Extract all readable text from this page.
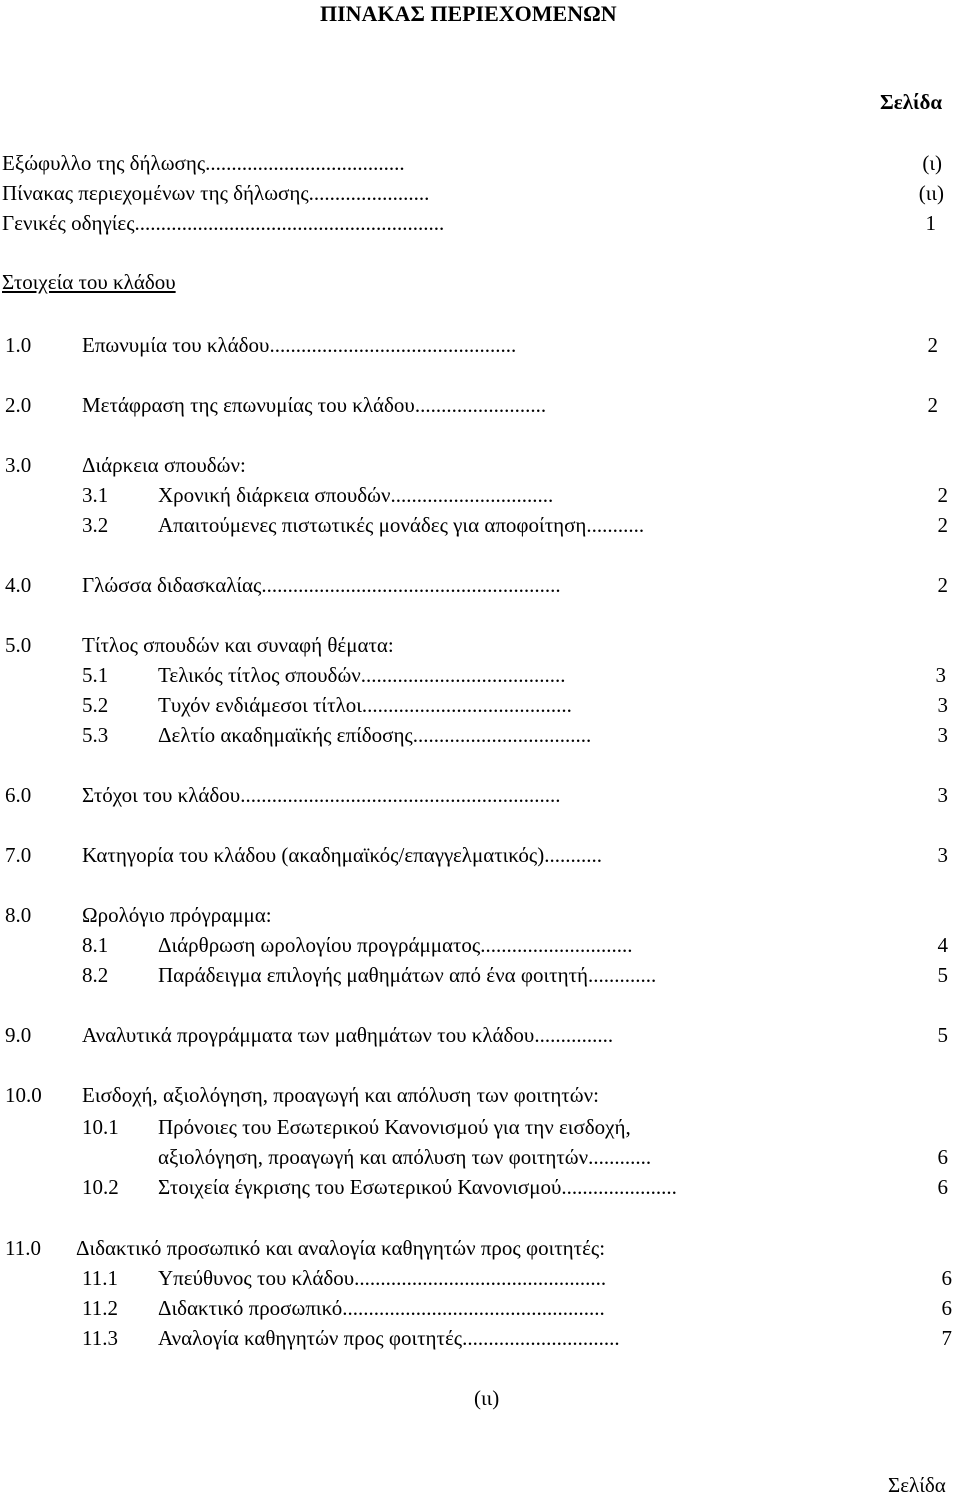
ΠΙΝΑΚΑΣ ΠΕΡΙΕΧΟΜΕΝΩΝ
Σελίδα
Εξώφυλλο της δήλωσης......................................	(ι)
Πίνακας περιεχομένων της δήλωσης.......................	(ιι)
Γενικές οδηγίες...........................................................	1
Στοιχεία του κλάδου
1.0 Επωνυμία του κλάδου...............................................	2
2.0 Μετάφραση της επωνυμίας του κλάδου.........................	2
3.0 Διάρκεια σπουδών:
3.1 Χρονική διάρκεια σπουδών...............................	2
3.2 Απαιτούμενες πιστωτικές μονάδες για αποφοίτηση...........	2
4.0 Γλώσσα διδασκαλίας.........................................................	2
5.0 Τίτλος σπουδών και συναφή θέματα:
5.1 Τελικός τίτλος σπουδών.......................................	3
5.2 Τυχόν ενδιάμεσοι τίτλοι........................................	3
5.3 Δελτίο ακαδημαϊκής επίδοσης..................................	3
6.0 Στόχοι του κλάδου.............................................................	3
7.0 Κατηγορία του κλάδου (ακαδημαϊκός/επαγγελματικός)...........	3
8.0 Ωρολόγιο πρόγραμμα:
8.1 Διάρθρωση ωρολογίου προγράμματος.............................	4
8.2 Παράδειγμα επιλογής μαθημάτων από ένα φοιτητή.............	5
9.0 Αναλυτικά προγράμματα των μαθημάτων του κλάδου...............	5
10.0 Εισδοχή, αξιολόγηση, προαγωγή και απόλυση των φοιτητών:
10.1 Πρόνοιες του Εσωτερικού Κανονισμού για την εισδοχή,
αξιολόγηση, προαγωγή και απόλυση των φοιτητών............	6
10.2 Στοιχεία έγκρισης του Εσωτερικού Κανονισμού......................	6
11.0 Διδακτικό προσωπικό και αναλογία καθηγητών προς φοιτητές:
11.1 Υπεύθυνος του κλάδου................................................	6
11.2 Διδακτικό προσωπικό..................................................	6
11.3 Αναλογία καθηγητών προς φοιτητές..............................	7
(ιι)
Σελίδα
